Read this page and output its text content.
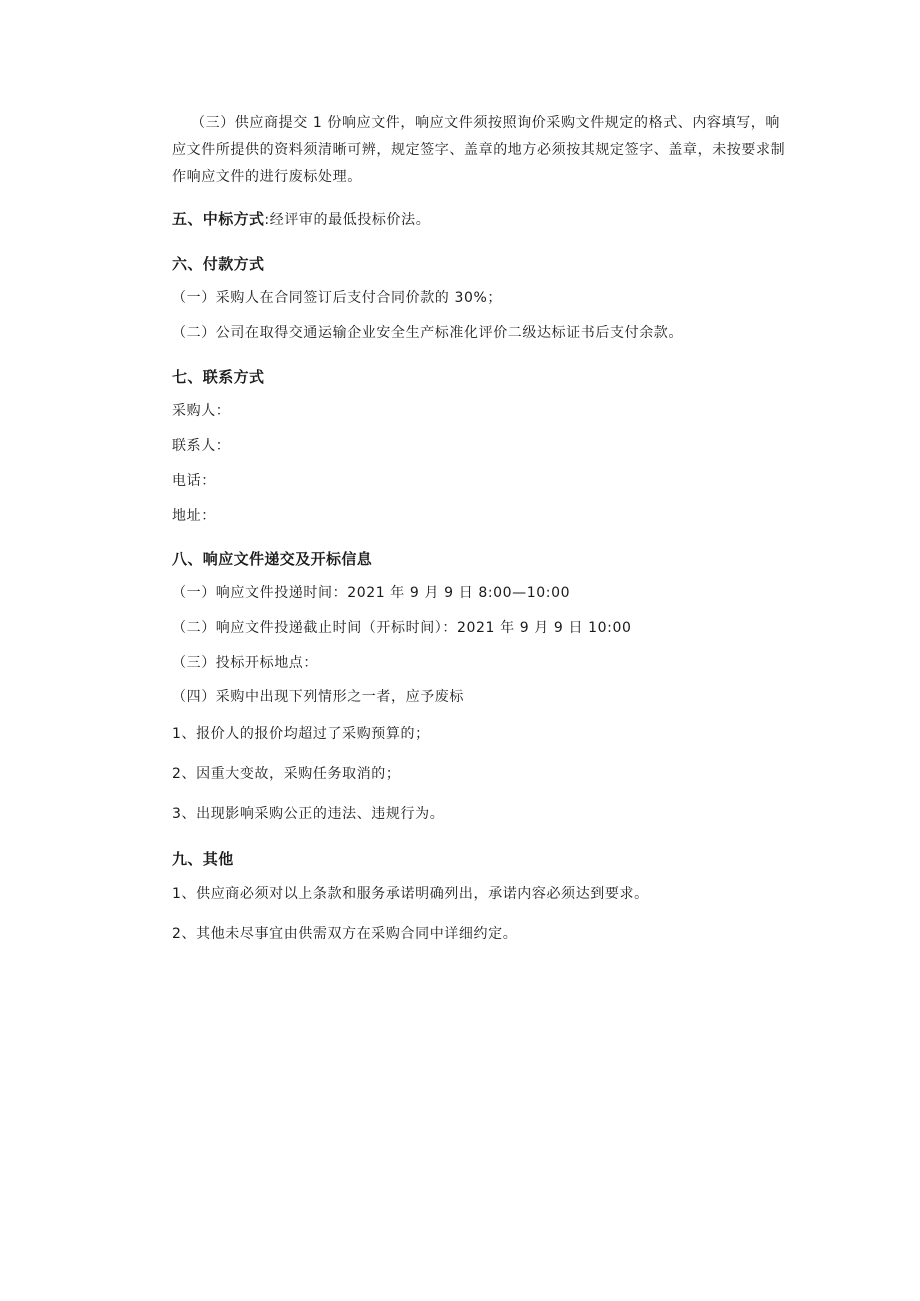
（三）供应商提交 1 份响应文件，响应文件须按照询价采购文件规定的格式、内容填写，响
应文件所提供的资料须清晰可辨，规定签字、盖章的地方必须按其规定签字、盖章，未按要求制
作响应文件的进行废标处理。
五、中标方式:经评审的最低投标价法。
六、付款方式
（一）采购人在合同签订后支付合同价款的 30%；
（二）公司在取得交通运输企业安全生产标准化评价二级达标证书后支付余款。
七、联系方式
采购人：
联系人：
电话：
地址：
八、响应文件递交及开标信息
（一）响应文件投递时间：2021 年 9 月 9 日 8:00—10:00
（二）响应文件投递截止时间（开标时间）：2021 年 9 月 9 日 10:00
（三）投标开标地点：
（四）采购中出现下列情形之一者，应予废标
1、报价人的报价均超过了采购预算的；
2、因重大变故，采购任务取消的；
3、出现影响采购公正的违法、违规行为。
九、其他
1、供应商必须对以上条款和服务承诺明确列出，承诺内容必须达到要求。
2、其他未尽事宜由供需双方在采购合同中详细约定。
